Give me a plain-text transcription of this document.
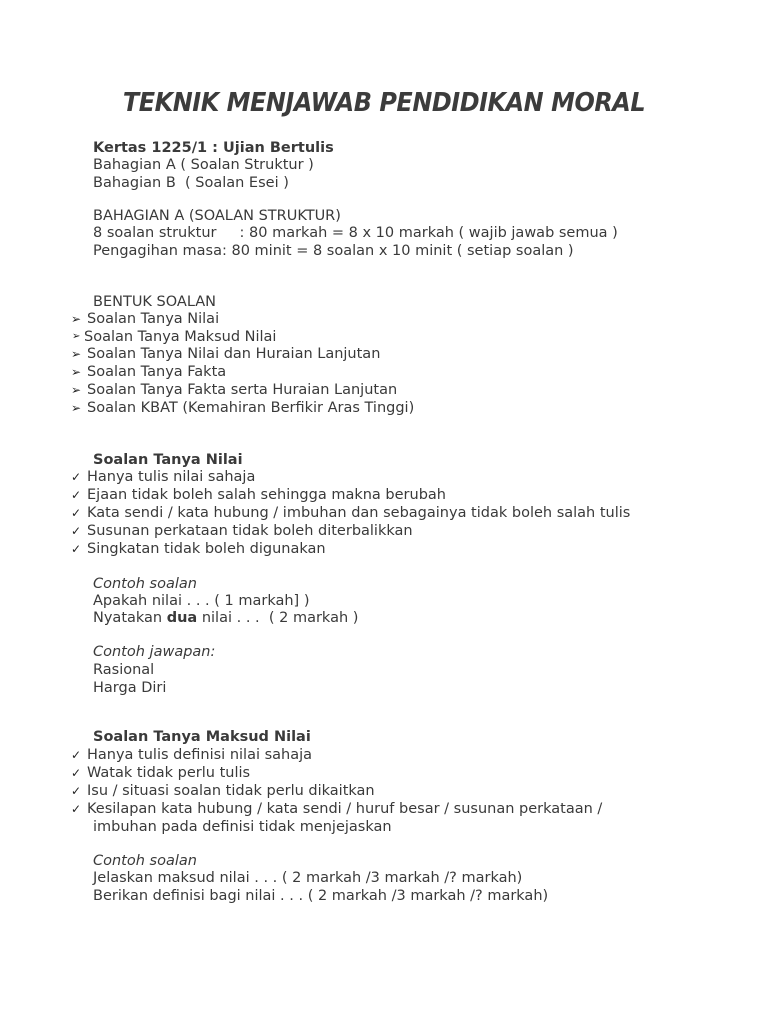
TEKNIK MENJAWAB PENDIDIKAN MORAL
Kertas 1225/1 : Ujian Bertulis
Bahagian A ( Soalan Struktur )
Bahagian B  ( Soalan Esei )
BAHAGIAN A (SOALAN STRUKTUR)
8 soalan struktur     : 80 markah = 8 x 10 markah ( wajib jawab semua )
Pengagihan masa: 80 minit = 8 soalan x 10 minit ( setiap soalan )
BENTUK SOALAN
➢ Soalan Tanya Nilai
➢ Soalan Tanya Maksud Nilai
➢ Soalan Tanya Nilai dan Huraian Lanjutan
➢ Soalan Tanya Fakta
➢ Soalan Tanya Fakta serta Huraian Lanjutan
➢ Soalan KBAT (Kemahiran Berfikir Aras Tinggi)
Soalan Tanya Nilai
✓ Hanya tulis nilai sahaja
✓ Ejaan tidak boleh salah sehingga makna berubah
✓ Kata sendi / kata hubung / imbuhan dan sebagainya tidak boleh salah tulis
✓ Susunan perkataan tidak boleh diterbalikkan
✓ Singkatan tidak boleh digunakan
Contoh soalan
Apakah nilai . . . ( 1 markah] )
Nyatakan dua nilai . . .  ( 2 markah )
Contoh jawapan:
Rasional
Harga Diri
Soalan Tanya Maksud Nilai
✓ Hanya tulis definisi nilai sahaja
✓ Watak tidak perlu tulis
✓ Isu / situasi soalan tidak perlu dikaitkan
✓ Kesilapan kata hubung / kata sendi / huruf besar / susunan perkataan /
imbuhan pada definisi tidak menjejaskan
Contoh soalan
Jelaskan maksud nilai . . . ( 2 markah /3 markah /? markah)
Berikan definisi bagi nilai . . . ( 2 markah /3 markah /? markah)
